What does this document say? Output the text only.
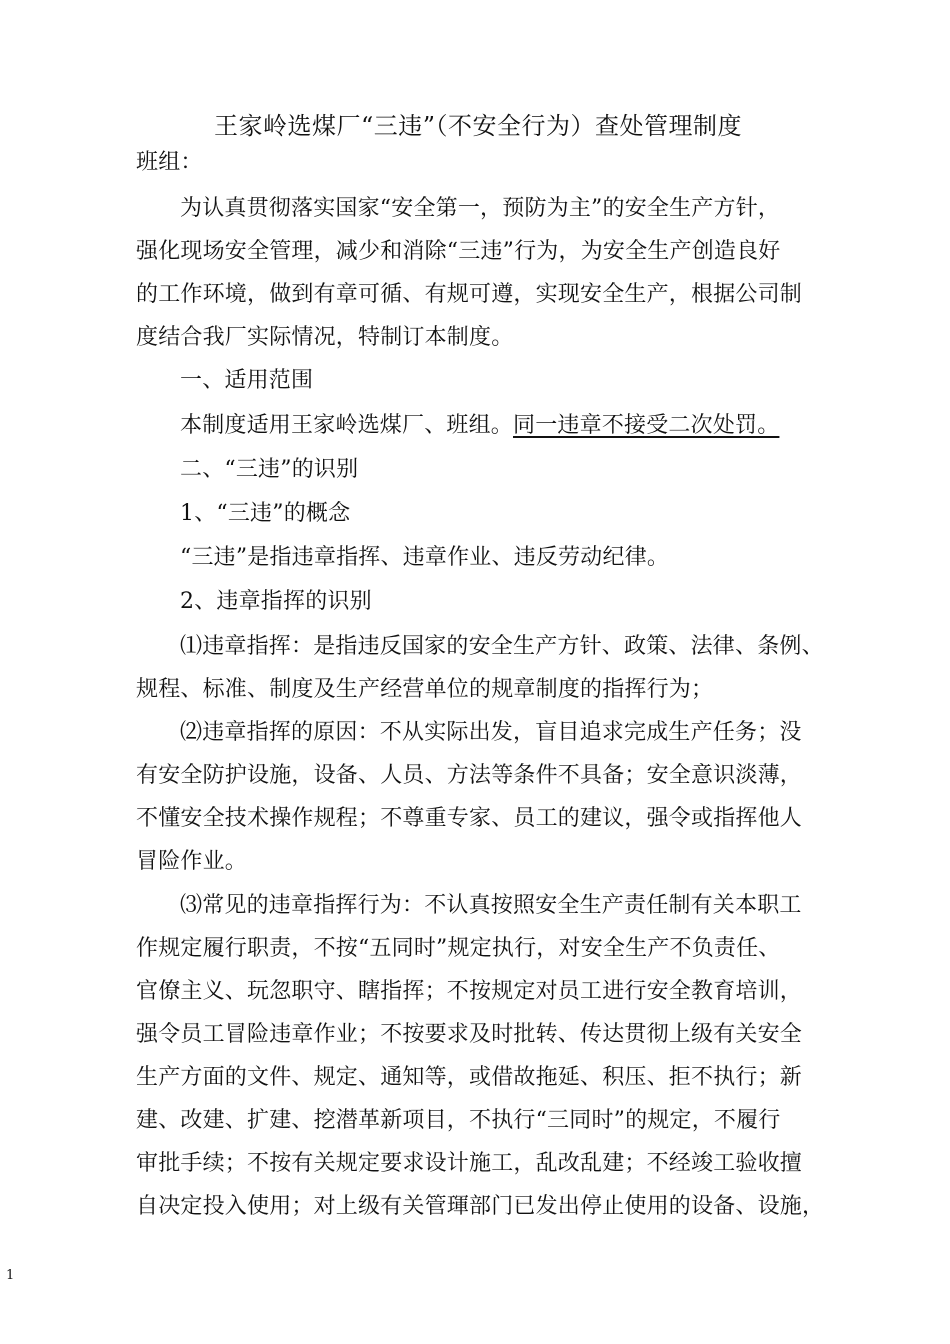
王家岭选煤厂“三违”（不安全行为）查处管理制度
班组：
为认真贯彻落实国家“安全第一，预防为主”的安全生产方针，
强化现场安全管理，减少和消除“三违”行为，为安全生产创造良好
的工作环境，做到有章可循、有规可遵，实现安全生产，根据公司制
度结合我厂实际情况，特制订本制度。
一、适用范围
本制度适用王家岭选煤厂、班组。同一违章不接受二次处罚。
二、“三违”的识别
1、“三违”的概念
“三违”是指违章指挥、违章作业、违反劳动纪律。
2、违章指挥的识别
⑴违章指挥：是指违反国家的安全生产方针、政策、法律、条例、
规程、标准、制度及生产经营单位的规章制度的指挥行为；
⑵违章指挥的原因：不从实际出发，盲目追求完成生产任务；没
有安全防护设施，设备、人员、方法等条件不具备；安全意识淡薄，
不懂安全技术操作规程；不尊重专家、员工的建议，强令或指挥他人
冒险作业。
⑶常见的违章指挥行为：不认真按照安全生产责任制有关本职工
作规定履行职责，不按“五同时”规定执行，对安全生产不负责任、
官僚主义、玩忽职守、瞎指挥；不按规定对员工进行安全教育培训，
强令员工冒险违章作业；不按要求及时批转、传达贯彻上级有关安全
生产方面的文件、规定、通知等，或借故拖延、积压、拒不执行；新
建、改建、扩建、挖潜革新项目，不执行“三同时”的规定，不履行
审批手续；不按有关规定要求设计施工，乱改乱建；不经竣工验收擅
自决定投入使用；对上级有关管琿部门已发出停止使用的设备、设施，
1
